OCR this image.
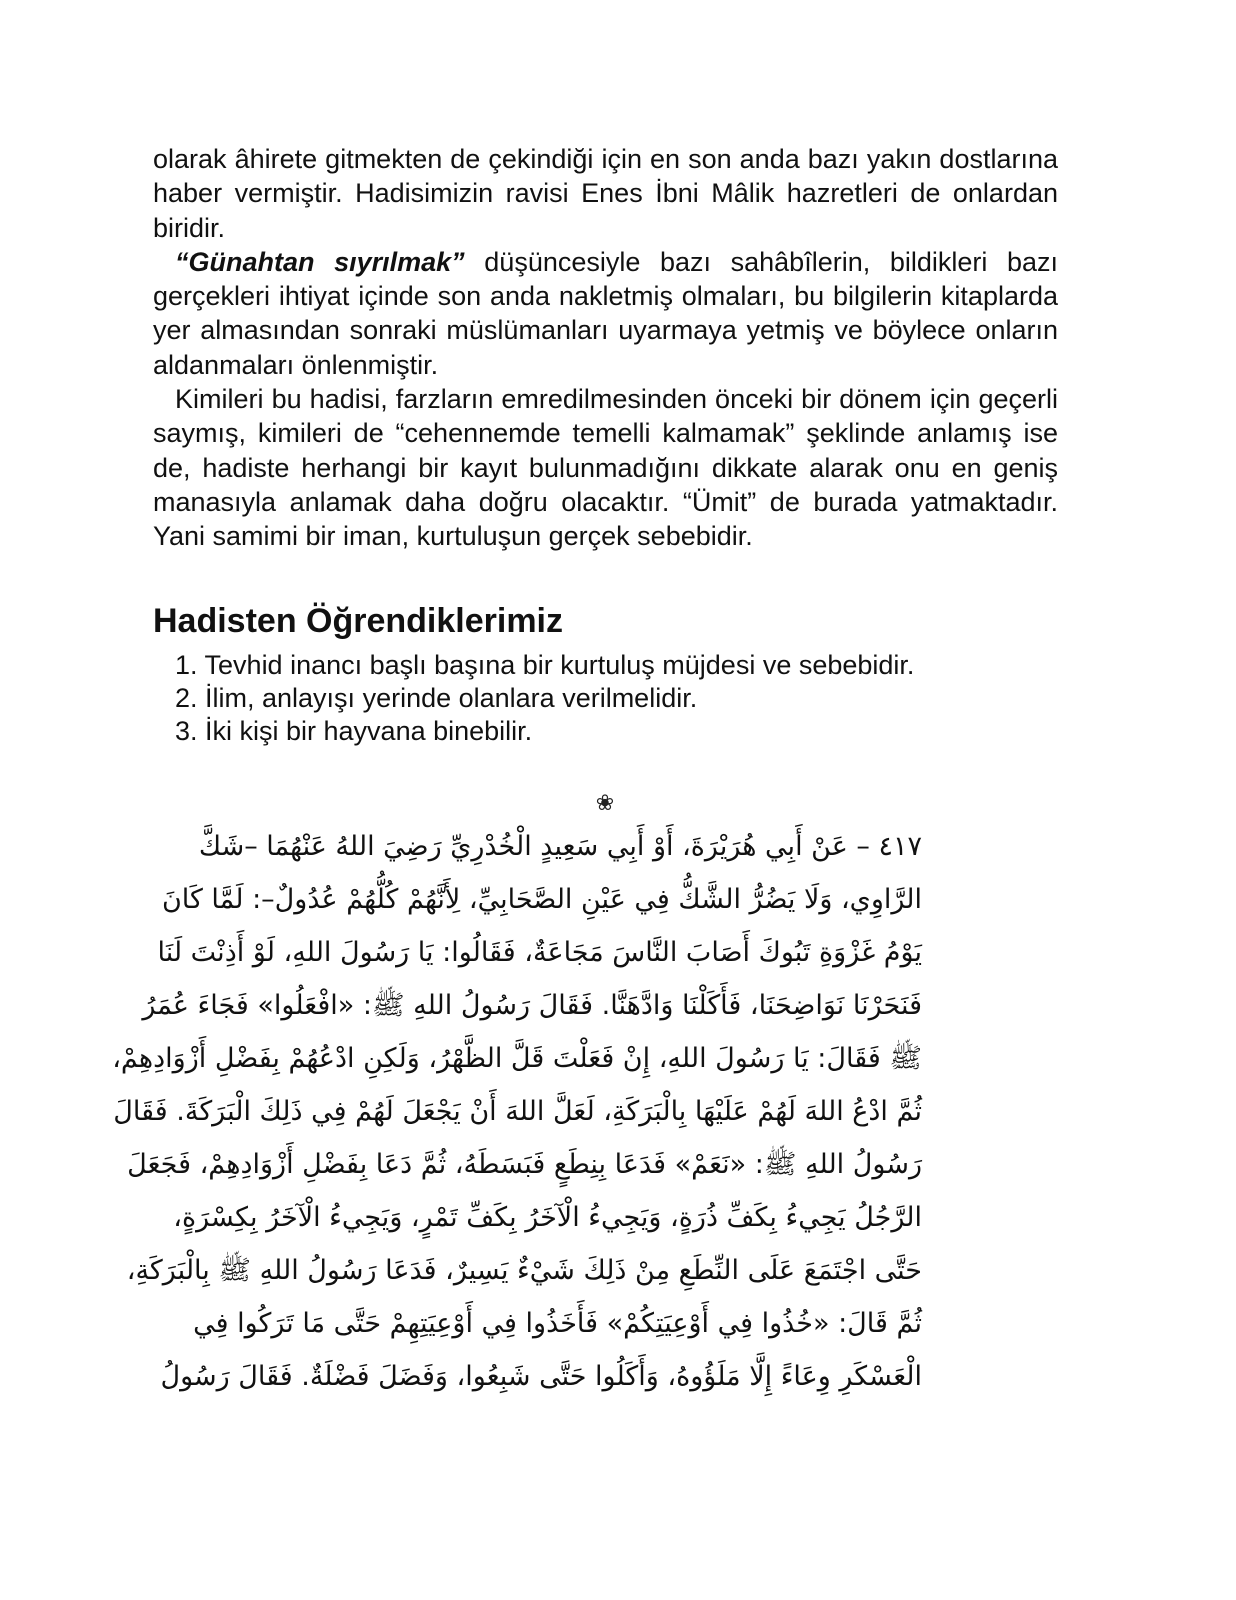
olarak âhirete gitmekten de çekindiği için en son anda bazı yakın dostlarına haber vermiştir. Hadisimizin ravisi Enes İbni Mâlik hazretleri de onlardan biridir.

“Günahtan sıyrılmak” düşüncesiyle bazı sahâbîlerin, bildikleri bazı gerçekleri ihtiyat içinde son anda nakletmiş olmaları, bu bilgilerin kitaplarda yer almasından sonraki müslümanları uyarmaya yetmiş ve böylece onların aldanmaları önlenmiştir.

Kimileri bu hadisi, farzların emredilmesinden önceki bir dönem için geçerli saymış, kimileri de “cehennemde temelli kalmamak” şeklinde anlamış ise de, hadiste herhangi bir kayıt bulunmadığını dikkate alarak onu en geniş manasıyla anlamak daha doğru olacaktır. “Ümit” de burada yatmaktadır. Yani samimi bir iman, kurtuluşun gerçek sebebidir.

Hadisten Öğrendiklerimiz
1. Tevhid inancı başlı başına bir kurtuluş müjdesi ve sebebidir.
2. İlim, anlayışı yerinde olanlara verilmelidir.
3. İki kişi bir hayvana binebilir.
❀
٤١٧ – عَنْ أَبِي هُرَيْرَةَ، أَوْ أَبِي سَعِيدٍ الْخُدْرِيِّ رَضِيَ اللهُ عَنْهُمَا –شَكَّ
الرَّاوِي، وَلَا يَضُرُّ الشَّكُّ فِي عَيْنِ الصَّحَابِيِّ، لِأَنَّهُمْ كُلُّهُمْ عُدُولٌ–: لَمَّا كَانَ
يَوْمُ غَزْوَةِ تَبُوكَ أَصَابَ النَّاسَ مَجَاعَةٌ، فَقَالُوا: يَا رَسُولَ اللهِ، لَوْ أَذِنْتَ لَنَا
فَنَحَرْنَا نَوَاضِحَنَا، فَأَكَلْنَا وَادَّهَنَّا. فَقَالَ رَسُولُ اللهِ ﷺ: «افْعَلُوا» فَجَاءَ عُمَرُ
ﷺ فَقَالَ: يَا رَسُولَ اللهِ، إِنْ فَعَلْتَ قَلَّ الظَّهْرُ، وَلَكِنِ ادْعُهُمْ بِفَضْلِ أَزْوَادِهِمْ،
ثُمَّ ادْعُ اللهَ لَهُمْ عَلَيْهَا بِالْبَرَكَةِ، لَعَلَّ اللهَ أَنْ يَجْعَلَ لَهُمْ فِي ذَلِكَ الْبَرَكَةَ. فَقَالَ
رَسُولُ اللهِ ﷺ: «نَعَمْ» فَدَعَا بِنِطَعٍ فَبَسَطَهُ، ثُمَّ دَعَا بِفَضْلِ أَزْوَادِهِمْ، فَجَعَلَ
الرَّجُلُ يَجِيءُ بِكَفِّ ذُرَةٍ، وَيَجِيءُ الْآخَرُ بِكَفِّ تَمْرٍ، وَيَجِيءُ الْآخَرُ بِكِسْرَةٍ،
حَتَّى اجْتَمَعَ عَلَى النِّطَعِ مِنْ ذَلِكَ شَيْءٌ يَسِيرٌ، فَدَعَا رَسُولُ اللهِ ﷺ بِالْبَرَكَةِ،
ثُمَّ قَالَ: «خُذُوا فِي أَوْعِيَتِكُمْ» فَأَخَذُوا فِي أَوْعِيَتِهِمْ حَتَّى مَا تَرَكُوا فِي
الْعَسْكَرِ وِعَاءً إِلَّا مَلَؤُوهُ، وَأَكَلُوا حَتَّى شَبِعُوا، وَفَضَلَ فَضْلَةٌ. فَقَالَ رَسُولُ
